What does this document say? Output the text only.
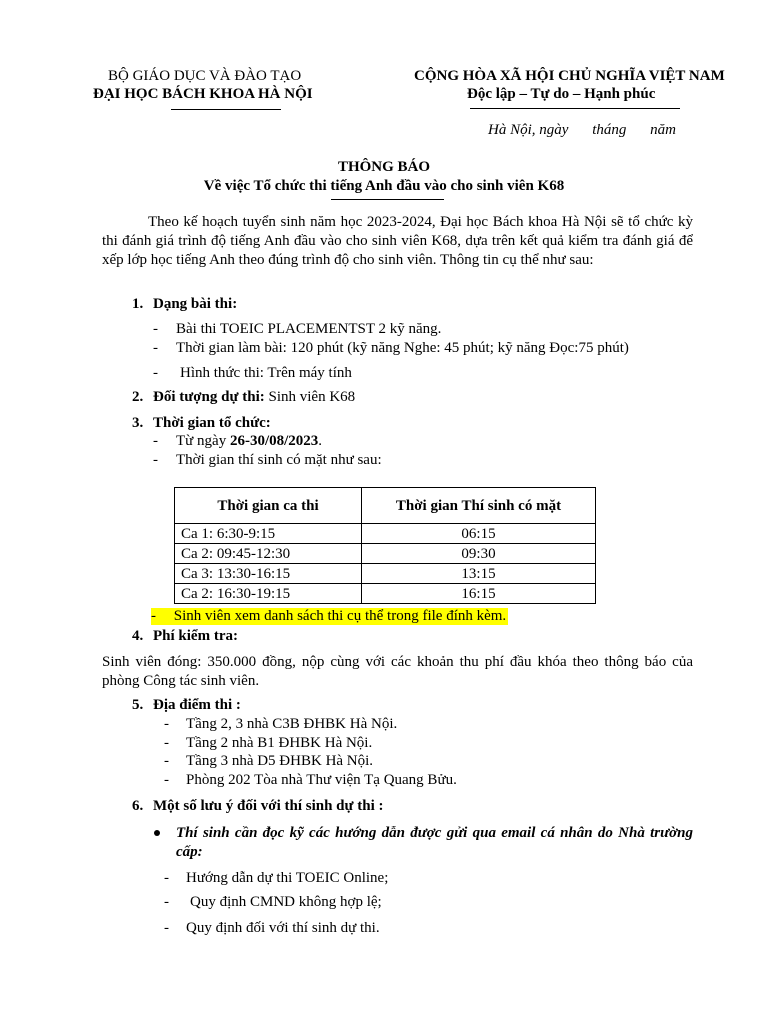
BỘ GIÁO DỤC VÀ ĐÀO TẠO
ĐẠI HỌC BÁCH KHOA HÀ NỘI
CỘNG HÒA XÃ HỘI CHỦ NGHĨA VIỆT NAM
Độc lập – Tự do – Hạnh phúc
Hà Nội, ngày tháng năm
THÔNG BÁO
Về việc Tổ chức thi tiếng Anh đầu vào cho sinh viên K68
Theo kế hoạch tuyển sinh năm học 2023-2024, Đại học Bách khoa Hà Nội sẽ tổ chức kỳ thi đánh giá trình độ tiếng Anh đầu vào cho sinh viên K68, dựa trên kết quả kiểm tra đánh giá để xếp lớp học tiếng Anh theo đúng trình độ cho sinh viên. Thông tin cụ thể như sau:
1. Dạng bài thi:
- Bài thi TOEIC PLACEMENTST 2 kỹ năng.
- Thời gian làm bài: 120 phút (kỹ năng Nghe: 45 phút; kỹ năng Đọc:75 phút)
- Hình thức thi: Trên máy tính
2. Đối tượng dự thi: Sinh viên K68
3. Thời gian tổ chức:
- Từ ngày 26-30/08/2023.
- Thời gian thí sinh có mặt như sau:
Thời gian ca thi	Thời gian Thí sinh có mặt
Ca 1: 6:30-9:15	06:15
Ca 2: 09:45-12:30	09:30
Ca 3: 13:30-16:15	13:15
Ca 2: 16:30-19:15	16:15
- Sinh viên xem danh sách thi cụ thể trong file đính kèm.
4. Phí kiểm tra:
Sinh viên đóng: 350.000 đồng, nộp cùng với các khoản thu phí đầu khóa theo thông báo của phòng Công tác sinh viên.
5. Địa điểm thi :
- Tầng 2, 3 nhà C3B ĐHBK Hà Nội.
- Tầng 2 nhà B1 ĐHBK Hà Nội.
- Tầng 3 nhà D5 ĐHBK Hà Nội.
- Phòng 202 Tòa nhà Thư viện Tạ Quang Bửu.
6. Một số lưu ý đối với thí sinh dự thi :
Thí sinh cần đọc kỹ các hướng dẫn được gửi qua email cá nhân do Nhà trường cấp:
- Hướng dẫn dự thi TOEIC Online;
- Quy định CMND không hợp lệ;
- Quy định đối với thí sinh dự thi.
